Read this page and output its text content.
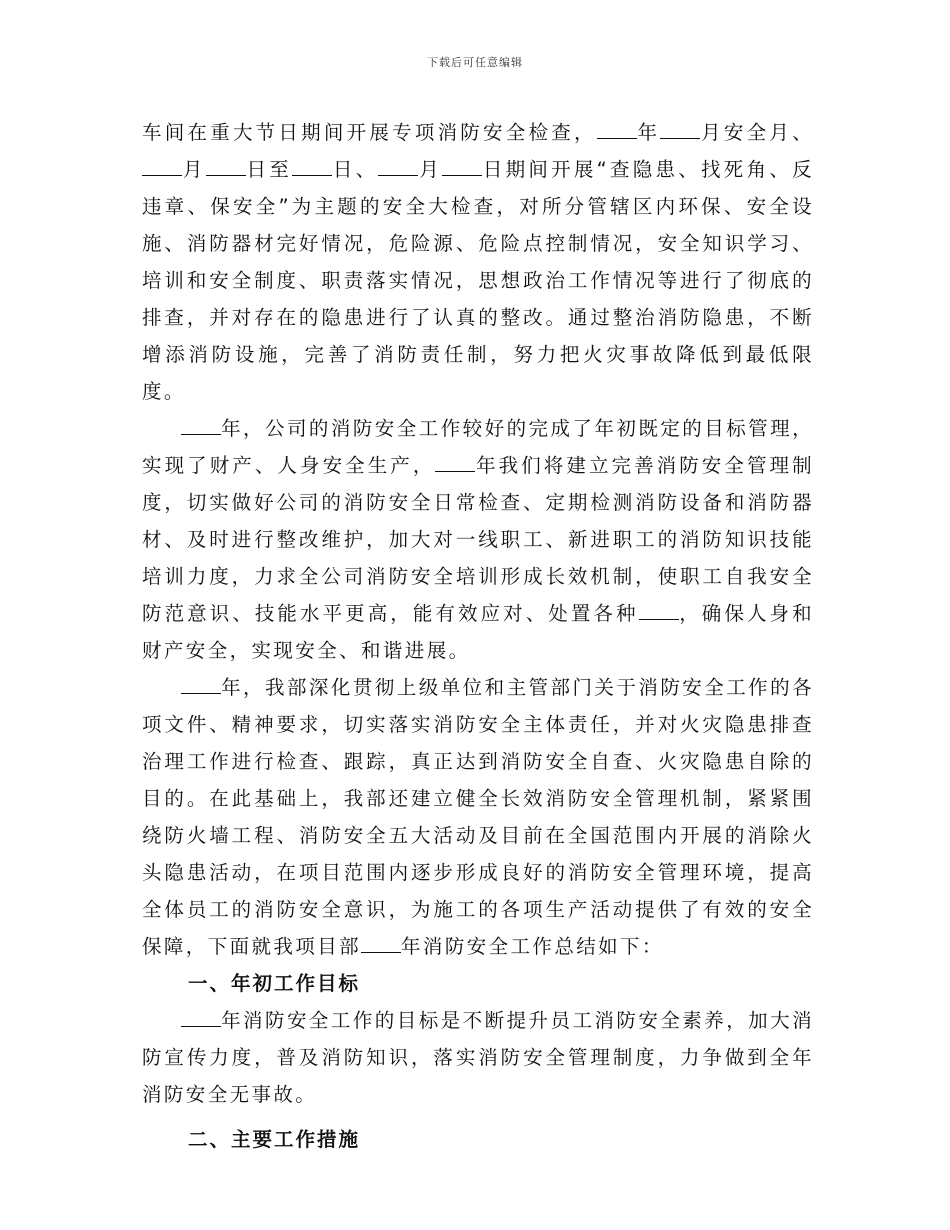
下载后可任意编辑

车间在重大节日期间开展专项消防安全检查， 年 月安全月、月 日至 日、 月 日期间开展“查隐患、找死角、反违章、保安全”为主题的安全大检查，对所分管辖区内环保、安全设施、消防器材完好情况，危险源、危险点控制情况，安全知识学习、培训和安全制度、职责落实情况，思想政治工作情况等进行了彻底的排查，并对存在的隐患进行了认真的整改。通过整治消防隐患，不断增添消防设施，完善了消防责任制，努力把火灾事故降低到最低限度。

年，公司的消防安全工作较好的完成了年初既定的目标管理，实现了财产、人身安全生产， 年我们将建立完善消防安全管理制度，切实做好公司的消防安全日常检查、定期检测消防设备和消防器材、及时进行整改维护，加大对一线职工、新进职工的消防知识技能培训力度，力求全公司消防安全培训形成长效机制，使职工自我安全防范意识、技能水平更高，能有效应对、处置各种 ，确保人身和财产安全，实现安全、和谐进展。

年，我部深化贯彻上级单位和主管部门关于消防安全工作的各项文件、精神要求，切实落实消防安全主体责任，并对火灾隐患排查治理工作进行检查、跟踪，真正达到消防安全自查、火灾隐患自除的目的。在此基础上，我部还建立健全长效消防安全管理机制，紧紧围绕防火墙工程、消防安全五大活动及目前在全国范围内开展的消除火头隐患活动，在项目范围内逐步形成良好的消防安全管理环境，提高全体员工的消防安全意识，为施工的各项生产活动提供了有效的安全保障，下面就我项目部 年消防安全工作总结如下：

一、年初工作目标

年消防安全工作的目标是不断提升员工消防安全素养，加大消防宣传力度，普及消防知识，落实消防安全管理制度，力争做到全年消防安全无事故。

二、主要工作措施
